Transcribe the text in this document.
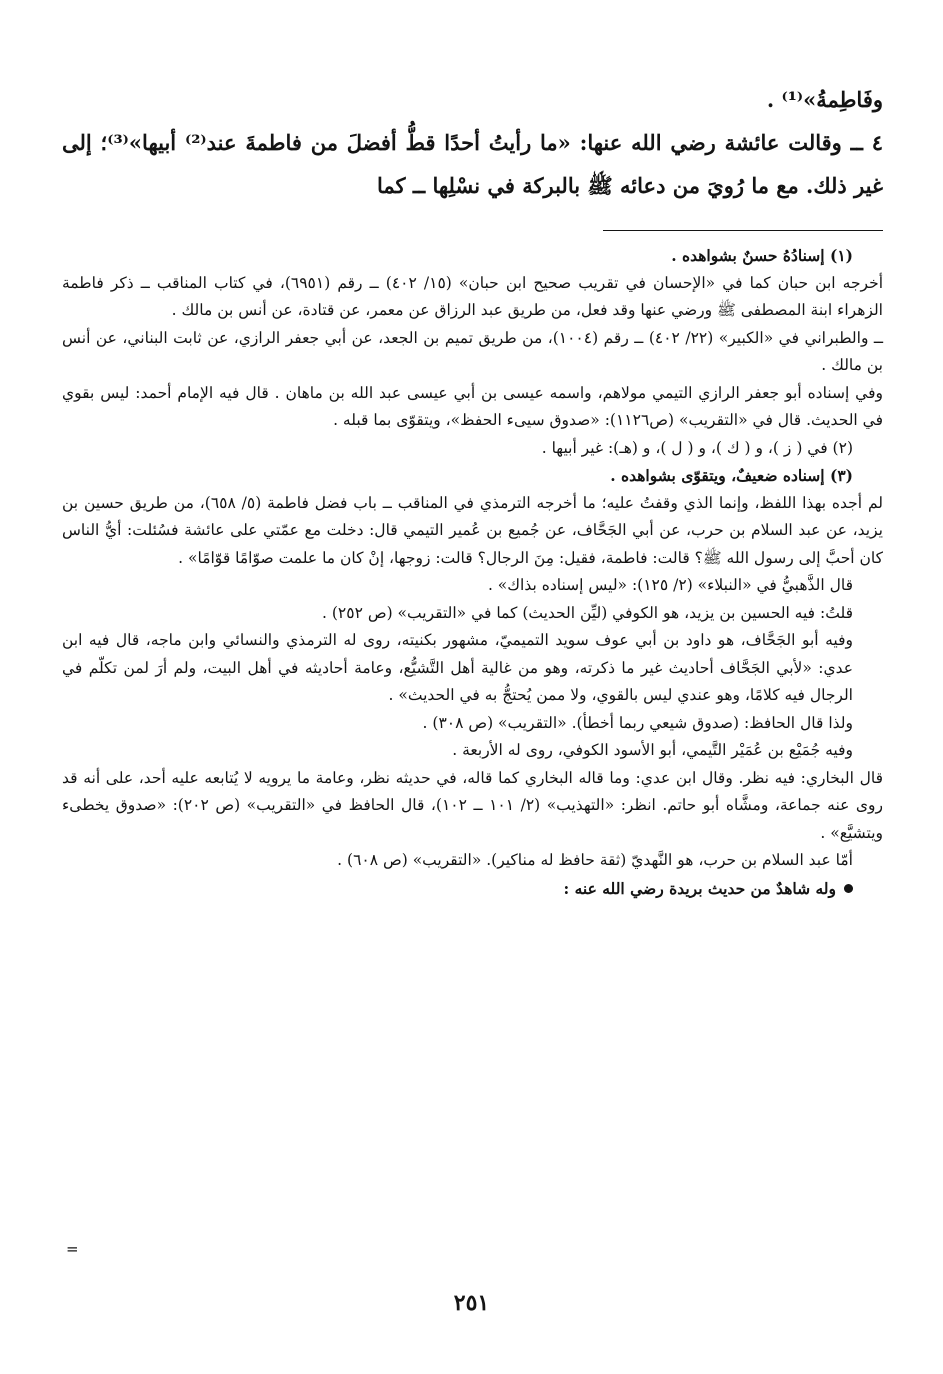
وفَاطِمةُ»⁽¹⁾ .

٤ ــ وقالت عائشة رضي الله عنها: «ما رأيتُ أحدًا قطُّ أفضلَ من فاطمةَ عند⁽²⁾ أبيها»⁽³⁾؛ إلى غير ذلك. مع ما رُويَ من دعائه ﷺ بالبركة في نسْلِها ــ كما

(١) إسنادُهُ حسنٌ بشواهده .

أخرجه ابن حبان كما في «الإحسان في تقريب صحيح ابن حبان» (١٥/ ٤٠٢) ــ رقم (٦٩٥١)، في كتاب المناقب ــ ذكر فاطمة الزهراء ابنة المصطفى ﷺ ورضي عنها وقد فعل، من طريق عبد الرزاق عن معمر، عن قتادة، عن أنس بن مالك .

ــ والطبراني في «الكبير» (٢٢/ ٤٠٢) ــ رقم (١٠٠٤)، من طريق تميم بن الجعد، عن أبي جعفر الرازي، عن ثابت البناني، عن أنس بن مالك .

وفي إسناده أبو جعفر الرازي التيمي مولاهم، واسمه عيسى بن أبي عيسى عبد الله بن ماهان . قال فيه الإمام أحمد: ليس بقوي في الحديث. قال في «التقريب» (ص١١٢٦): «صدوق سيىء الحفظ»، ويتقوّى بما قبله .

(٢) في ( ز )، و ( ك )، و ( ل )، و (هـ): غير أبيها .

(٣) إسناده ضعيفٌ، ويتقوّى بشواهده .

لم أجده بهذا اللفظ، وإنما الذي وقفتُ عليه؛ ما أخرجه الترمذي في المناقب ــ باب فضل فاطمة (٥/ ٦٥٨)، من طريق حسين بن يزيد، عن عبد السلام بن حرب، عن أبي الجَحَّاف، عن جُميع بن عُمير التيمي قال: دخلت مع عمّتي على عائشة فسُئلت: أيُّ الناس كان أحبَّ إلى رسول الله ﷺ؟ قالت: فاطمة، فقيل: مِنَ الرجال؟ قالت: زوجها، إنْ كان ما علمت صوّامًا قوّامًا» .

قال الذَّهبيُّ في «النبلاء» (٢/ ١٢٥): «ليس إسناده بذاك» .

قلتُ: فيه الحسين بن يزيد، هو الكوفي (ليِّن الحديث) كما في «التقريب» (ص ٢٥٢) .

وفيه أبو الجَحَّاف، هو داود بن أبي عوف سويد التميميّ، مشهور بكنيته، روى له الترمذي والنسائي وابن ماجه، قال فيه ابن عدي: «لأبي الجَحَّاف أحاديث غير ما ذكرته، وهو من غالية أهل التَّشيُّع، وعامة أحاديثه في أهل البيت، ولم أرَ لمن تكلّم في الرجال فيه كلامًا، وهو عندي ليس بالقوي، ولا ممن يُحتجُّ به في الحديث» .

ولذا قال الحافظ: (صدوق شيعي ربما أخطأ). «التقريب» (ص ٣٠٨) .

وفيه جُمَيْع بن عُمَيْر التَّيمي، أبو الأسود الكوفي، روى له الأربعة .

قال البخاري: فيه نظر. وقال ابن عدي: وما قاله البخاري كما قاله، في حديثه نظر، وعامة ما يرويه لا يُتابعه عليه أحد، على أنه قد روى عنه جماعة، ومشَّاه أبو حاتم. انظر: «التهذيب» (٢/ ١٠١ ــ ١٠٢)، قال الحافظ في «التقريب» (ص ٢٠٢): «صدوق يخطىء ويتشيَّع» .

أمّا عبد السلام بن حرب، هو النَّهديّ (ثقة حافظ له مناكير). «التقريب» (ص ٦٠٨) .

وله شاهدٌ من حديث بريدة رضي الله عنه :

=
٢٥١
